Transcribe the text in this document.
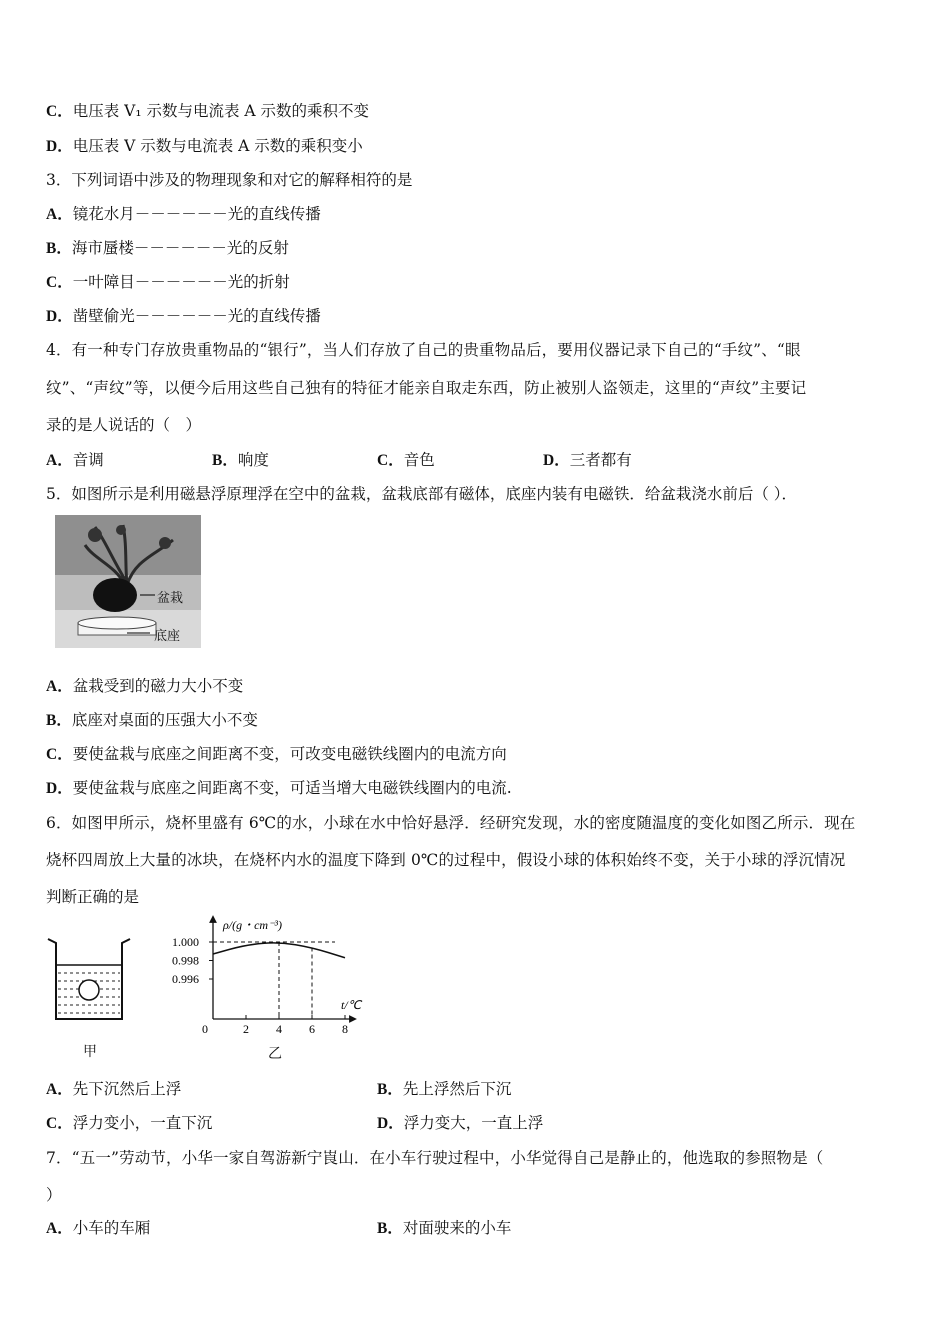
C．电压表 V₁ 示数与电流表 A 示数的乘积不变
D．电压表 V 示数与电流表 A 示数的乘积变小
3．下列词语中涉及的物理现象和对它的解释相符的是
A．镜花水月－－－－－－光的直线传播
B．海市蜃楼－－－－－－光的反射
C．一叶障目－－－－－－光的折射
D．凿壁偷光－－－－－－光的直线传播
4．有一种专门存放贵重物品的“银行”，当人们存放了自己的贵重物品后，要用仪器记录下自己的“手纹”、“眼
纹”、“声纹”等，以便今后用这些自己独有的特征才能亲自取走东西，防止被别人盗领走，这里的“声纹”主要记
录的是人说话的（　）
A．音调	B．响度	C．音色	D．三者都有
5．如图所示是利用磁悬浮原理浮在空中的盆栽，盆栽底部有磁体，底座内装有电磁铁．给盆栽浇水前后（ ）．
盆栽
底座
A．盆栽受到的磁力大小不变
B．底座对桌面的压强大小不变
C．要使盆栽与底座之间距离不变，可改变电磁铁线圈内的电流方向
D．要使盆栽与底座之间距离不变，可适当增大电磁铁线圈内的电流.
6．如图甲所示，烧杯里盛有 6℃的水，小球在水中恰好悬浮．经研究发现，水的密度随温度的变化如图乙所示．现在
烧杯四周放上大量的冰块，在烧杯内水的温度下降到 0℃的过程中，假设小球的体积始终不变，关于小球的浮沉情况
判断正确的是
甲
ρ/(g・cm⁻³)
t/℃
0	2 4 6 8
1.000
0.998
0.996
乙
A．先下沉然后上浮	B．先上浮然后下沉
C．浮力变小，一直下沉	D．浮力变大，一直上浮
7．“五一”劳动节，小华一家自驾游新宁崀山．在小车行驶过程中，小华觉得自己是静止的，他选取的参照物是（
）
A．小车的车厢	B．对面驶来的小车
